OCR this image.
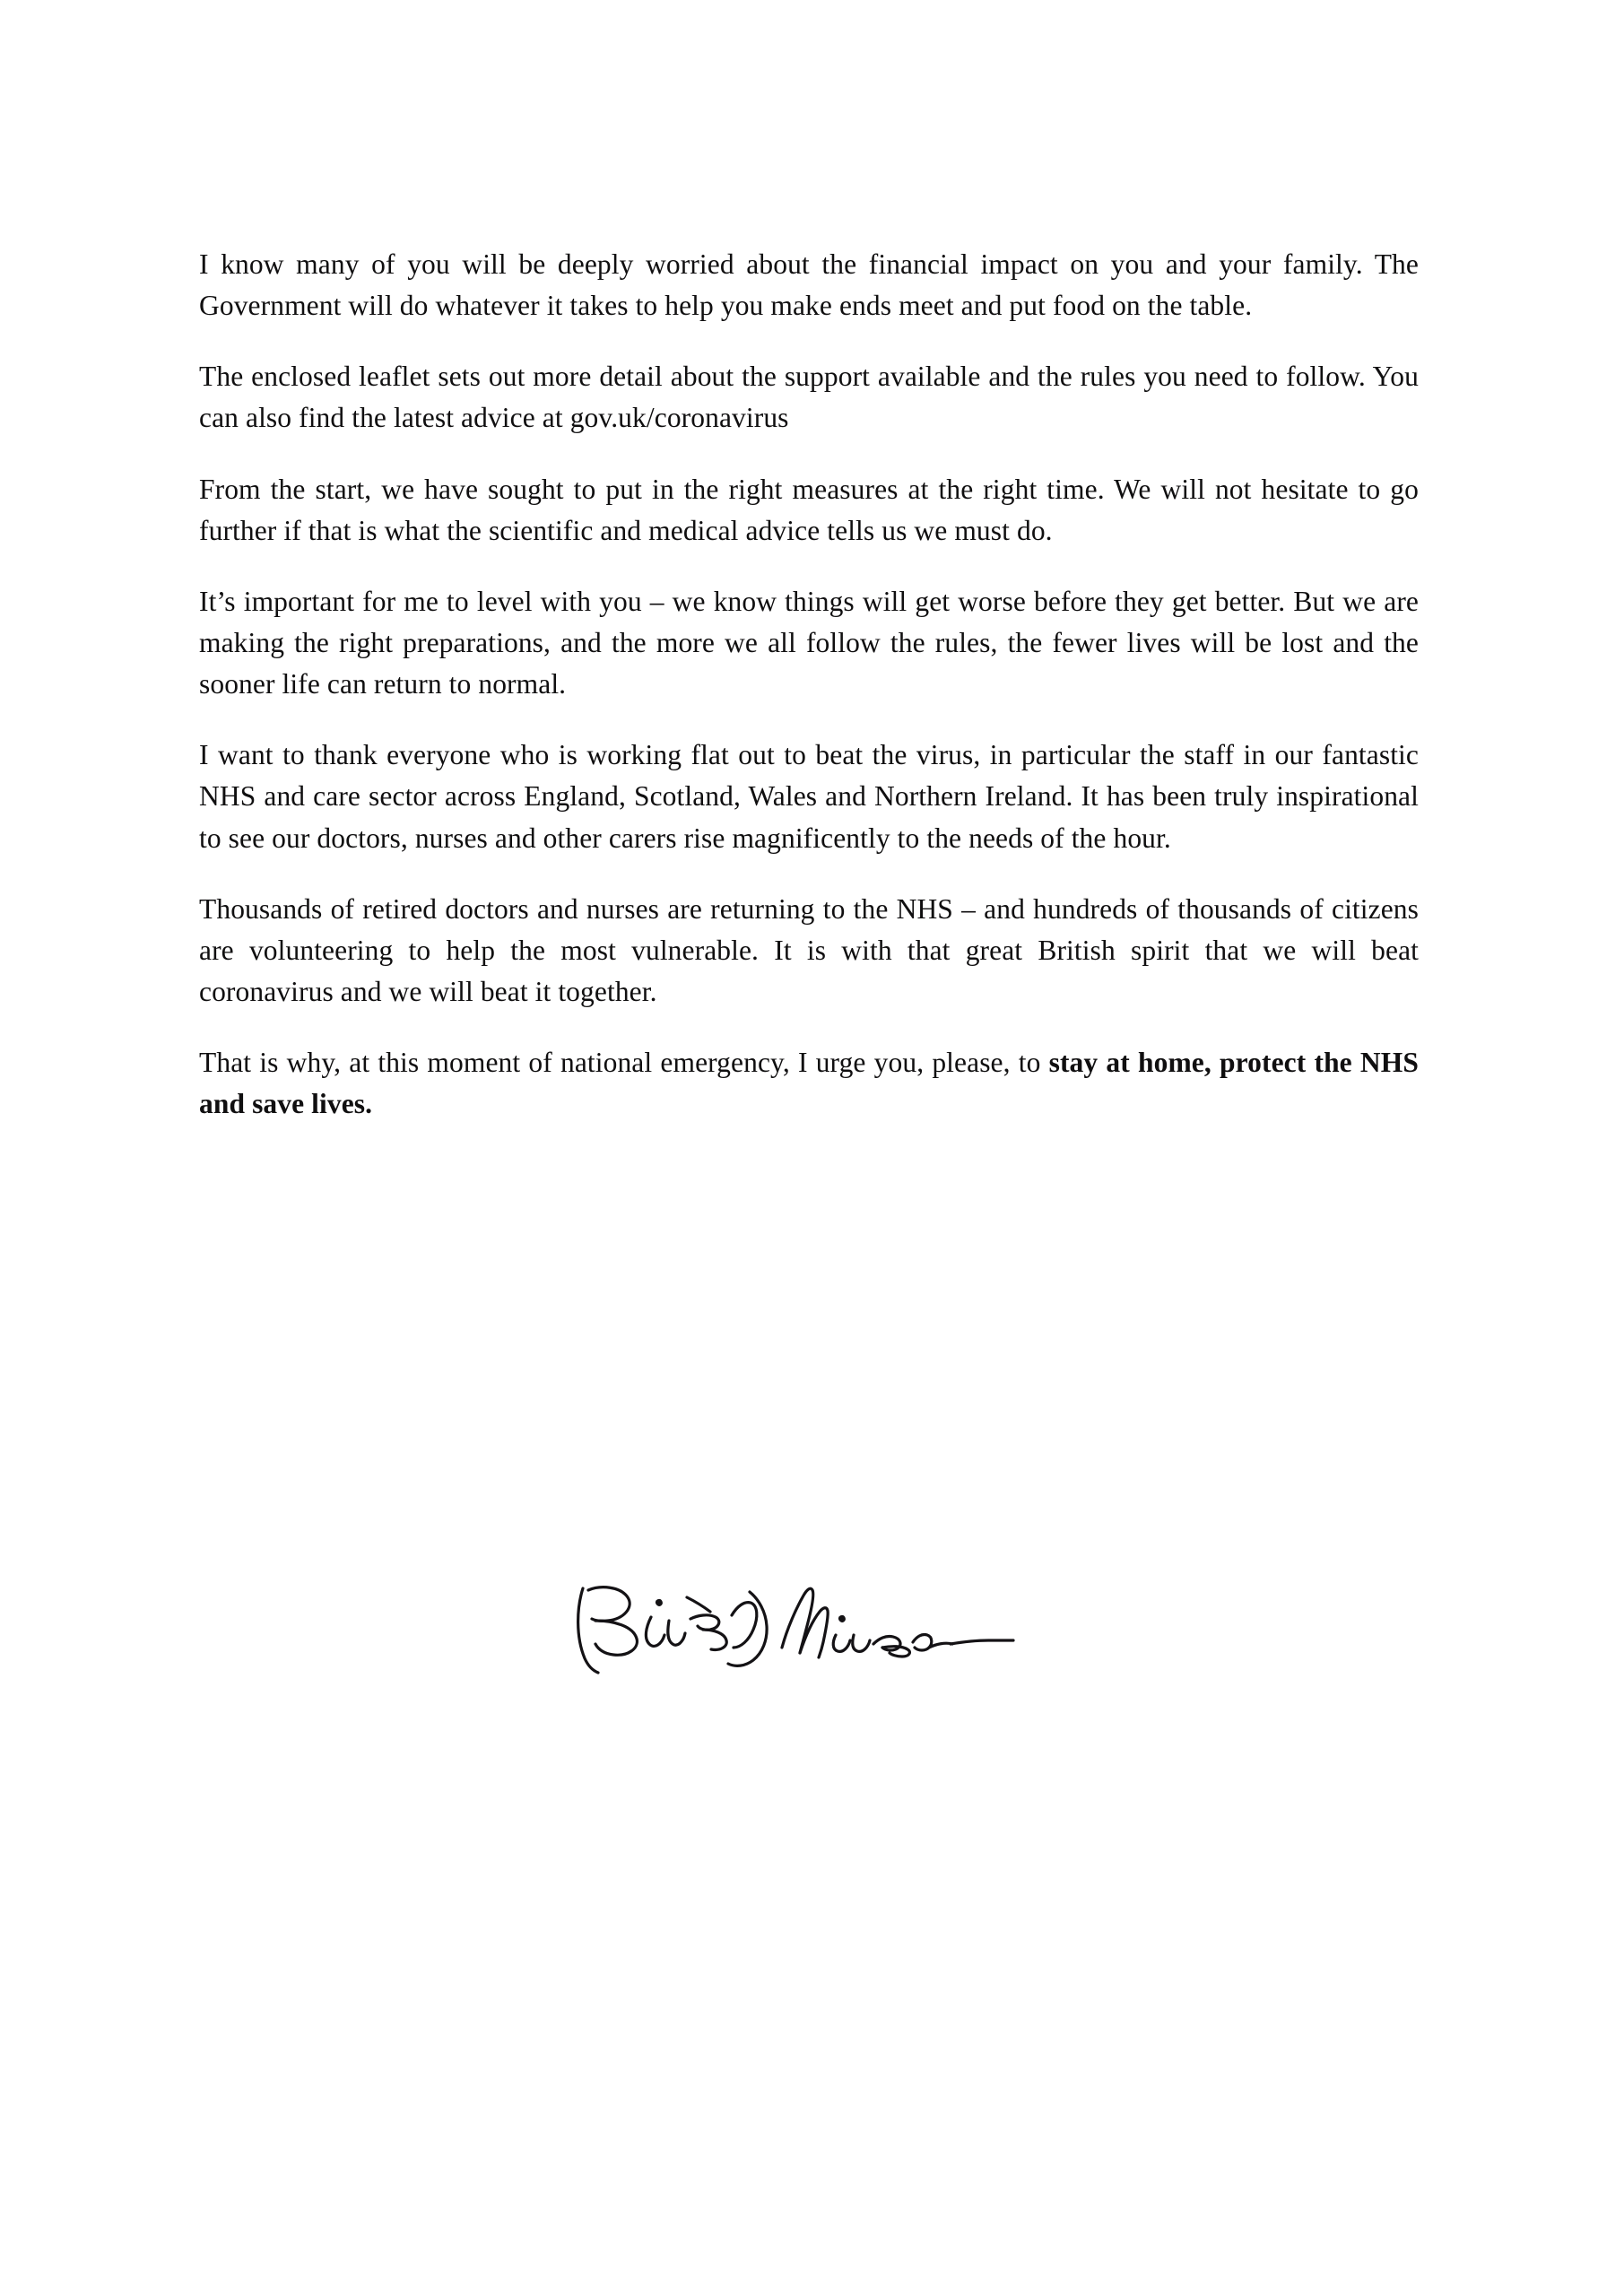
I know many of you will be deeply worried about the financial impact on you and your family. The Government will do whatever it takes to help you make ends meet and put food on the table.

The enclosed leaflet sets out more detail about the support available and the rules you need to follow. You can also find the latest advice at gov.uk/coronavirus

From the start, we have sought to put in the right measures at the right time. We will not hesitate to go further if that is what the scientific and medical advice tells us we must do.

It’s important for me to level with you – we know things will get worse before they get better. But we are making the right preparations, and the more we all follow the rules, the fewer lives will be lost and the sooner life can return to normal.

I want to thank everyone who is working flat out to beat the virus, in particular the staff in our fantastic NHS and care sector across England, Scotland, Wales and Northern Ireland. It has been truly inspirational to see our doctors, nurses and other carers rise magnificently to the needs of the hour.

Thousands of retired doctors and nurses are returning to the NHS – and hundreds of thousands of citizens are volunteering to help the most vulnerable. It is with that great British spirit that we will beat coronavirus and we will beat it together.

That is why, at this moment of national emergency, I urge you, please, to stay at home, protect the NHS and save lives.
